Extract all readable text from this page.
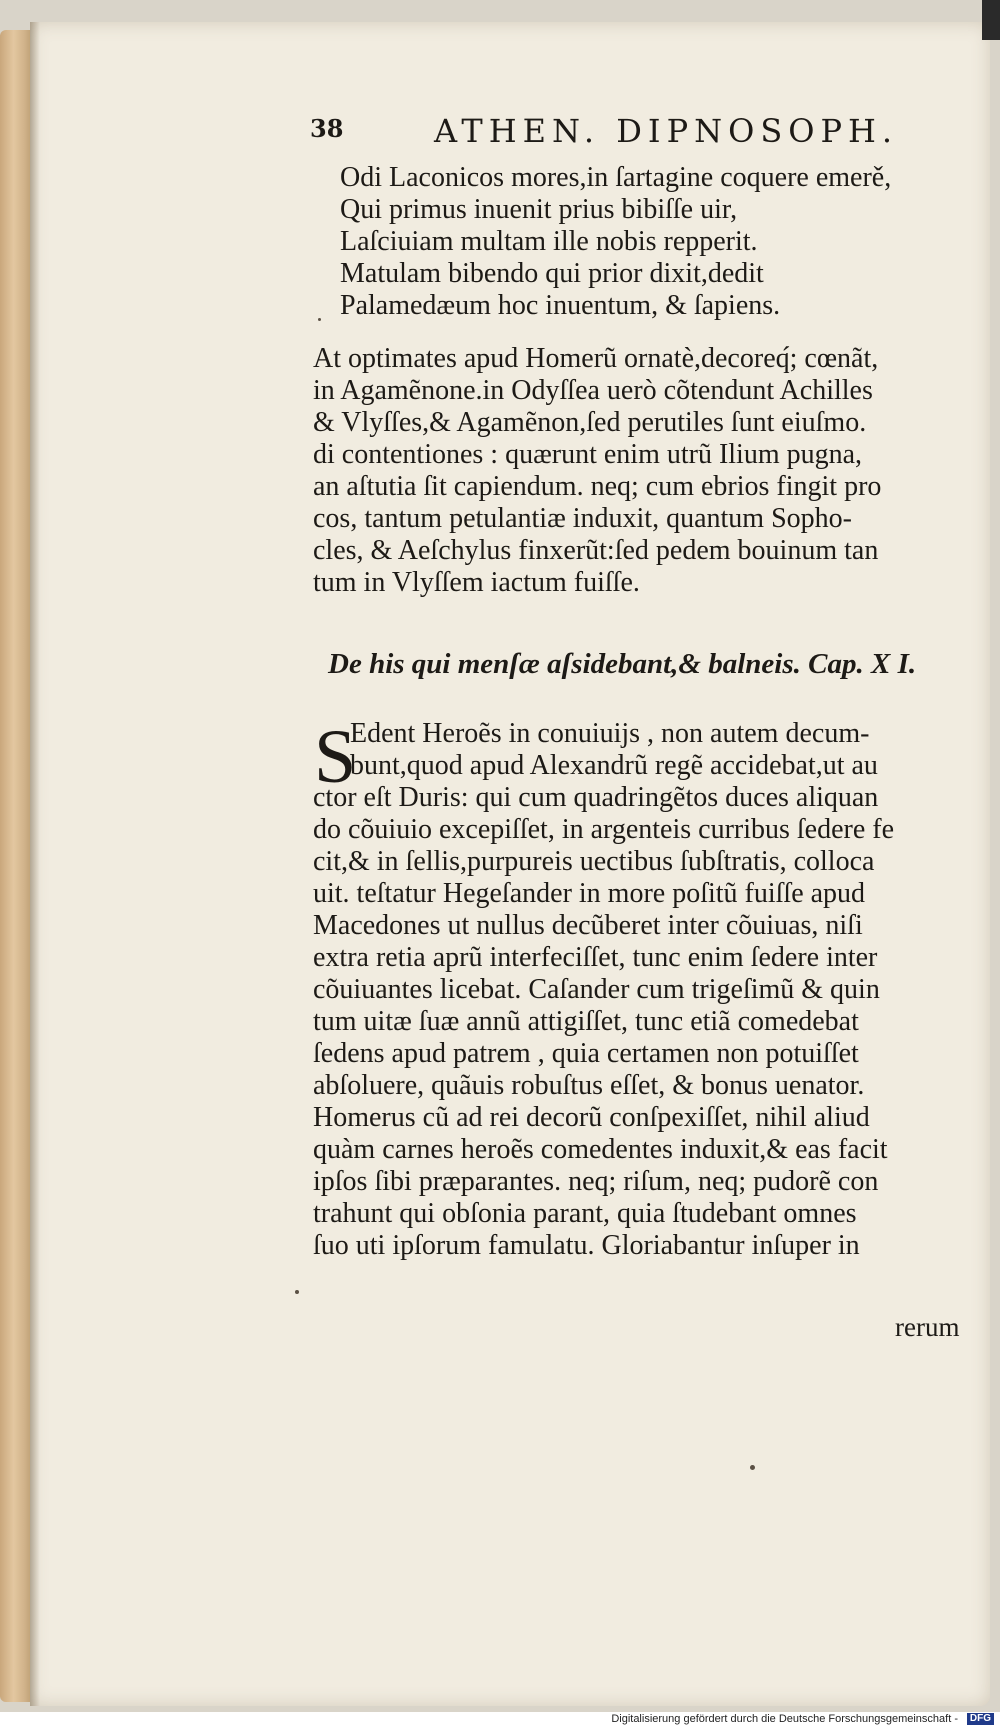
38	ATHEN. DIPNOSOPH.
Odi Laconicos mores,in ſartagine coquere emerě,
Qui primus inuenit prius bibiſſe uir,
Laſciuiam multam ille nobis repperit.
Matulam bibendo qui prior dixit,dedit
Palamedæum hoc inuentum, & ſapiens.
At optimates apud Homerũ ornatè,decoreq́; cœnãt,
in Agamẽnone.in Odyſſea uerò cõtendunt Achilles
& Vlyſſes,& Agamẽnon,ſed perutiles ſunt eiuſmo.
di contentiones : quærunt enim utrũ Ilium pugna,
an aſtutia ſit capiendum. neq; cum ebrios fingit pro
cos, tantum petulantiæ induxit, quantum Sopho-
cles, & Aeſchylus finxerũt:ſed pedem bouinum tan
tum in Vlyſſem iactum fuiſſe.
De his qui menſæ aſsidebant,& balneis. Cap. X I.
S
Edent Heroẽs in conuiuijs , non autem decum-
bunt,quod apud Alexandrũ regẽ accidebat,ut au
ctor eſt Duris: qui cum quadringẽtos duces aliquan
do cõuiuio excepiſſet, in argenteis curribus ſedere fe
cit,& in ſellis,purpureis uectibus ſubſtratis, colloca
uit. teſtatur Hegeſander in more poſitũ fuiſſe apud
Macedones ut nullus decũberet inter cõuiuas, niſi
extra retia aprũ interfeciſſet, tunc enim ſedere inter
cõuiuantes licebat. Caſander cum trigeſimũ & quin
tum uitæ ſuæ annũ attigiſſet, tunc etiã comedebat
ſedens apud patrem , quia certamen non potuiſſet
abſoluere, quãuis robuſtus eſſet, & bonus uenator.
Homerus cũ ad rei decorũ conſpexiſſet, nihil aliud
quàm carnes heroẽs comedentes induxit,& eas facit
ipſos ſibi præparantes. neq; riſum, neq; pudorẽ con
trahunt qui obſonia parant, quia ſtudebant omnes
ſuo uti ipſorum famulatu. Gloriabantur inſuper in
rerum
Digitalisierung gefördert durch die Deutsche Forschungsgemeinschaft -	DFG
